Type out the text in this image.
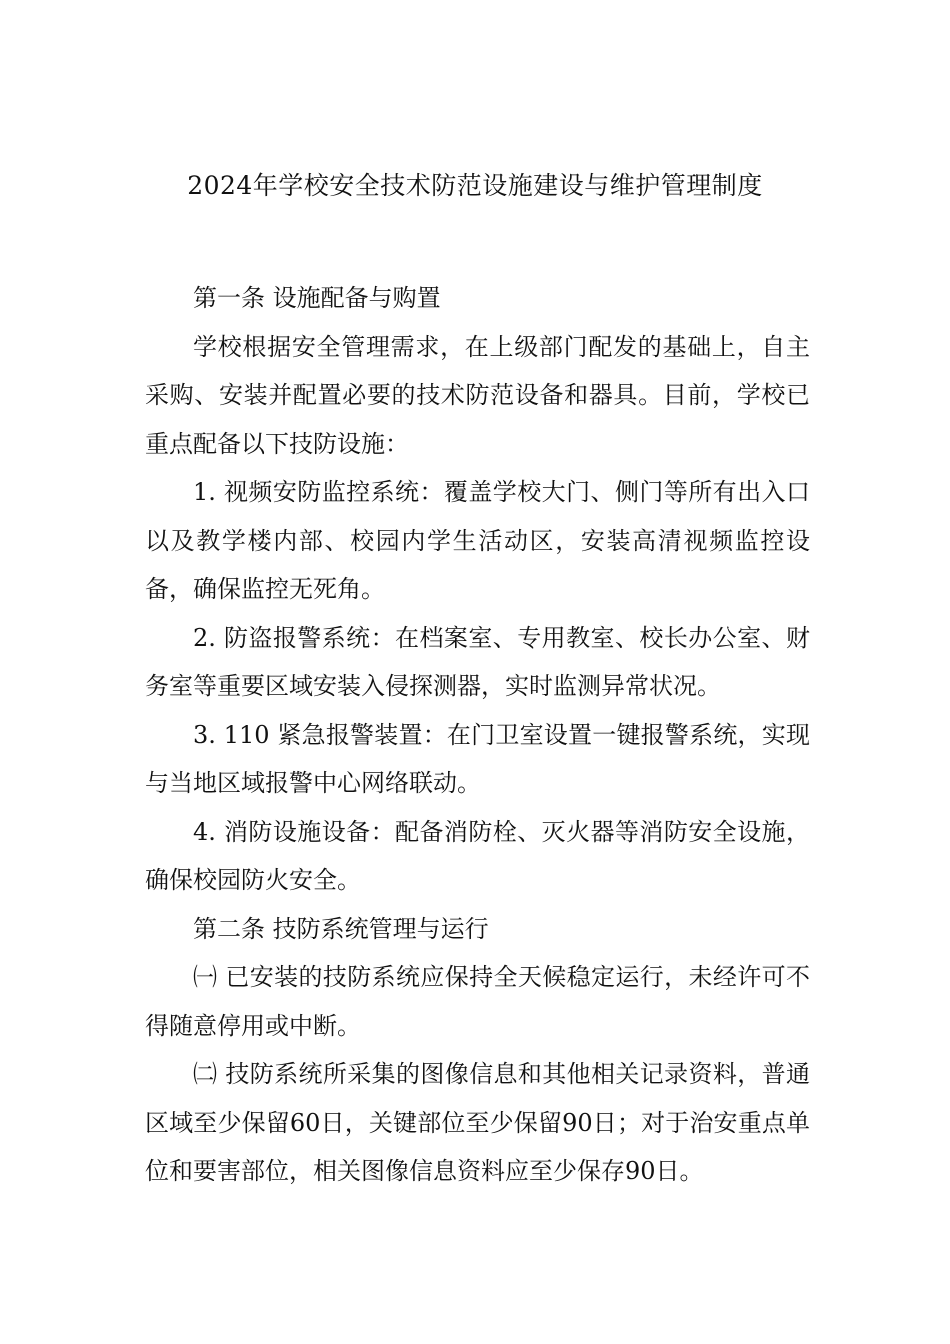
2024年学校安全技术防范设施建设与维护管理制度

第一条 设施配备与购置

学校根据安全管理需求，在上级部门配发的基础上，自主采购、安装并配置必要的技术防范设备和器具。目前，学校已重点配备以下技防设施：

1. 视频安防监控系统：覆盖学校大门、侧门等所有出入口以及教学楼内部、校园内学生活动区，安装高清视频监控设备，确保监控无死角。

2. 防盗报警系统：在档案室、专用教室、校长办公室、财务室等重要区域安装入侵探测器，实时监测异常状况。

3. 110 紧急报警装置：在门卫室设置一键报警系统，实现与当地区域报警中心网络联动。

4. 消防设施设备：配备消防栓、灭火器等消防安全设施，确保校园防火安全。

第二条 技防系统管理与运行

㈠ 已安装的技防系统应保持全天候稳定运行，未经许可不得随意停用或中断。

㈡ 技防系统所采集的图像信息和其他相关记录资料，普通区域至少保留60日，关键部位至少保留90日；对于治安重点单位和要害部位，相关图像信息资料应至少保存90日。
